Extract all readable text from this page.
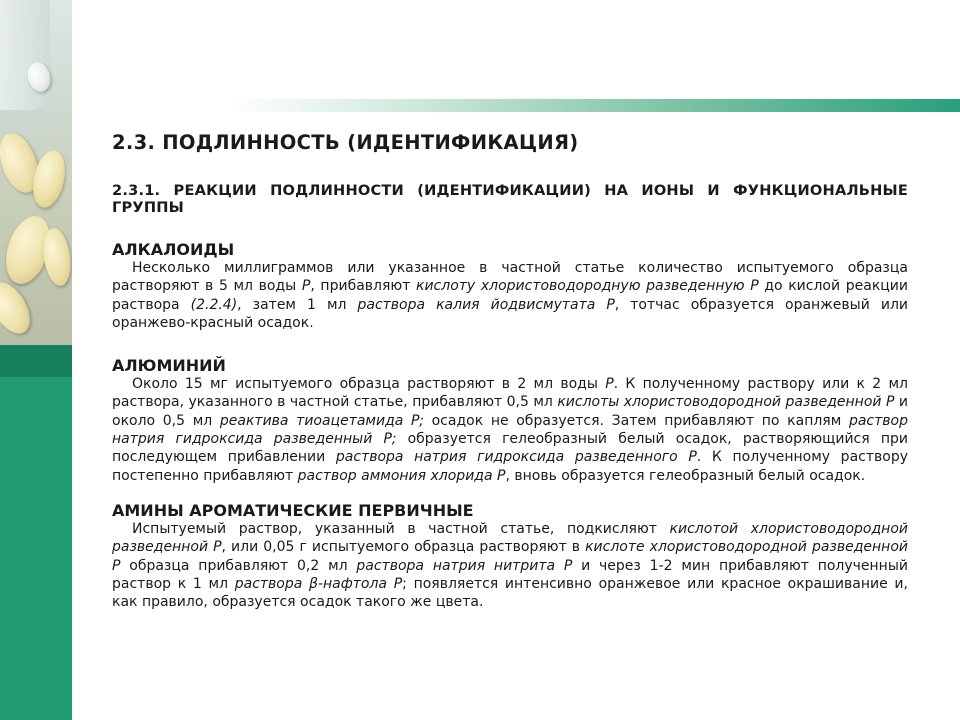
2.3. ПОДЛИННОСТЬ (ИДЕНТИФИКАЦИЯ)
2.3.1. РЕАКЦИИ ПОДЛИННОСТИ (ИДЕНТИФИКАЦИИ) НА ИОНЫ И ФУНКЦИОНАЛЬНЫЕ ГРУППЫ
АЛКАЛОИДЫ

Несколько миллиграммов или указанное в частной статье количество испытуемого образца растворяют в 5 мл воды P, прибавляют кислоту хлористоводородную разведенную P до кислой реакции раствора (2.2.4), затем 1 мл раствора калия йодвисмутата P, тотчас образуется оранжевый или оранжево-красный осадок.

АЛЮМИНИЙ

Около 15 мг испытуемого образца растворяют в 2 мл воды P. К полученному раствору или к 2 мл раствора, указанного в частной статье, прибавляют 0,5 мл кислоты хлористоводородной разведенной P и около 0,5 мл реактива тиоацетамида P; осадок не образуется. Затем прибавляют по каплям раствор натрия гидроксида разведенный P; образуется гелеобразный белый осадок, растворяющийся при последующем прибавлении раствора натрия гидроксида разведенного P. К полученному раствору постепенно прибавляют раствор аммония хлорида P, вновь образуется гелеобразный белый осадок.

АМИНЫ АРОМАТИЧЕСКИЕ ПЕРВИЧНЫЕ

Испытуемый раствор, указанный в частной статье, подкисляют кислотой хлористоводородной разведенной P, или 0,05 г испытуемого образца растворяют в кислоте хлористоводородной разведенной P образца прибавляют 0,2 мл раствора натрия нитрита P и через 1-2 мин прибавляют полученный раствор к 1 мл раствора β-нафтола P; появляется интенсивно оранжевое или красное окрашивание и, как правило, образуется осадок такого же цвета.
